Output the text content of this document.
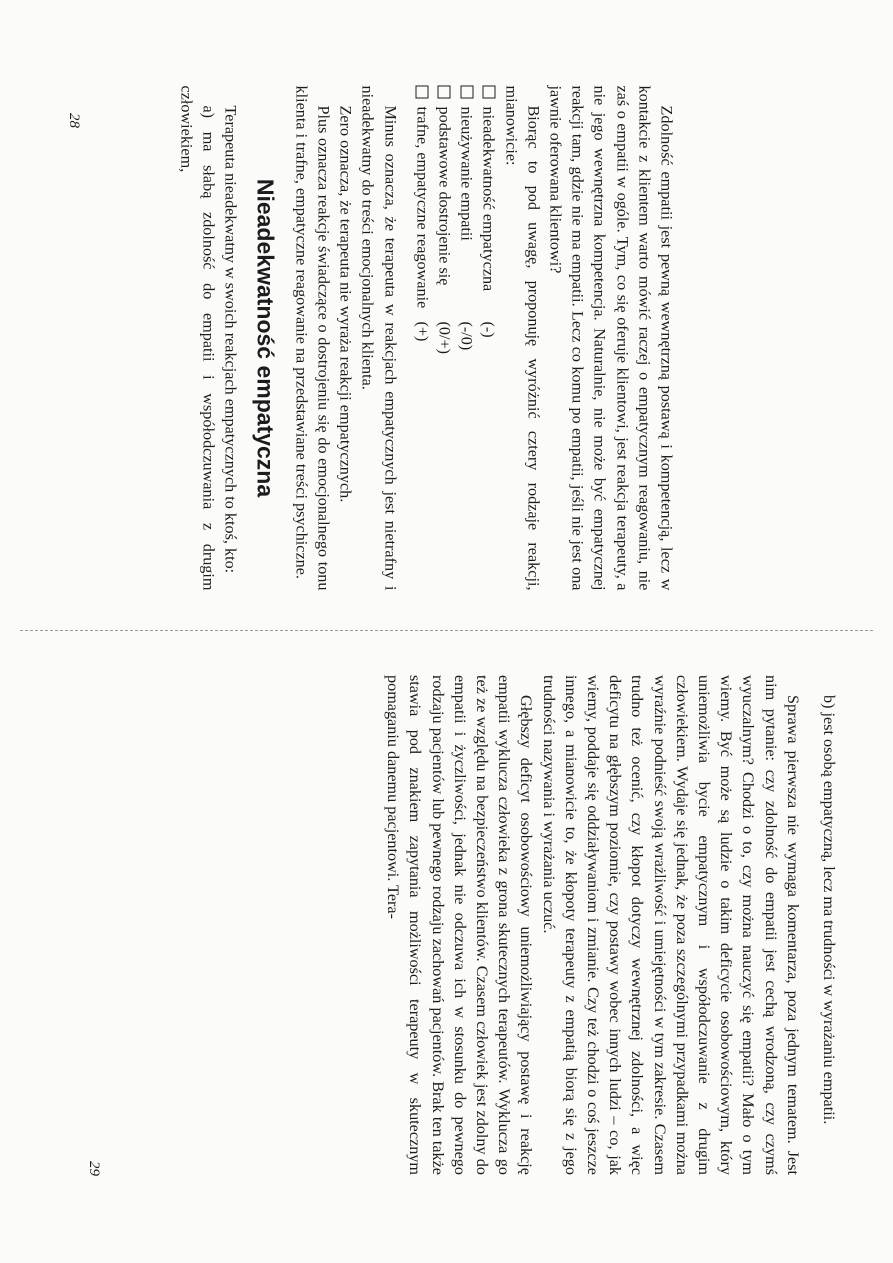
Zdolność empatii jest pewną wewnętrzną postawą i kompetencją, lecz w kontakcie z klientem warto mówić raczej o empatycznym reagowaniu, nie zaś o empatii w ogóle. Tym, co się oferuje klientowi, jest reakcja terapeuty, a nie jego wewnętrzna kompetencja. Naturalnie, nie może być empatycznej reakcji tam, gdzie nie ma empatii. Lecz co komu po empatii, jeśli nie jest ona jawnie oferowana klientowi?

Biorąc to pod uwagę, proponuję wyróżnić cztery rodzaje reakcji, mianowicie:

nieadekwatność empatyczna
(-)
nieużywanie empatii
(-/0)
podstawowe dostrojenie się
(0/+)
trafne, empatyczne reagowanie
(+)

Minus oznacza, że terapeuta w reakcjach empatycznych jest nietrafny i nieadekwatny do treści emocjonalnych klienta.

Zero oznacza, że terapeuta nie wyraża reakcji empatycznych.

Plus oznacza reakcje świadczące o dostrojeniu się do emocjonalnego tonu klienta i trafne, empatyczne reagowanie na przedstawiane treści psychiczne.

Nieadekwatność empatyczna

Terapeuta nieadekwatny w swoich reakcjach empatycznych to ktoś, kto:

a) ma słabą zdolność do empatii i współodczuwania z drugim człowiekiem,

b) jest osobą empatyczną, lecz ma trudności w wyrażaniu empatii.

Sprawa pierwsza nie wymaga komentarza, poza jednym tematem. Jest nim pytanie: czy zdolność do empatii jest cechą wrodzoną, czy czymś wyuczalnym? Chodzi o to, czy można nauczyć się empatii? Mało o tym wiemy. Być może są ludzie o takim deficycie osobowościowym, który uniemożliwia bycie empatycznym i współodczuwanie z drugim człowiekiem. Wydaje się jednak, że poza szczególnymi przypadkami można wyraźnie podnieść swoją wrażliwość i umiejętności w tym zakresie. Czasem trudno też ocenić, czy kłopot dotyczy wewnętrznej zdolności, a więc deficytu na głębszym poziomie, czy postawy wobec innych ludzi – co, jak wiemy, poddaje się oddziaływaniom i zmianie. Czy też chodzi o coś jeszcze innego, a mianowicie to, że kłopoty terapeuty z empatią biorą się z jego trudności nazywania i wyrażania uczuć.

Głębszy deficyt osobowościowy uniemożliwiający postawę i reakcję empatii wyklucza człowieka z grona skutecznych terapeutów. Wyklucza go też ze względu na bezpieczeństwo klientów. Czasem człowiek jest zdolny do empatii i życzliwości, jednak nie odczuwa ich w stosunku do pewnego rodzaju pacjentów lub pewnego rodzaju zachowań pacjentów. Brak ten także stawia pod znakiem zapytania możliwości terapeuty w skutecznym pomaganiu danemu pacjentowi. Tera-

28
29
